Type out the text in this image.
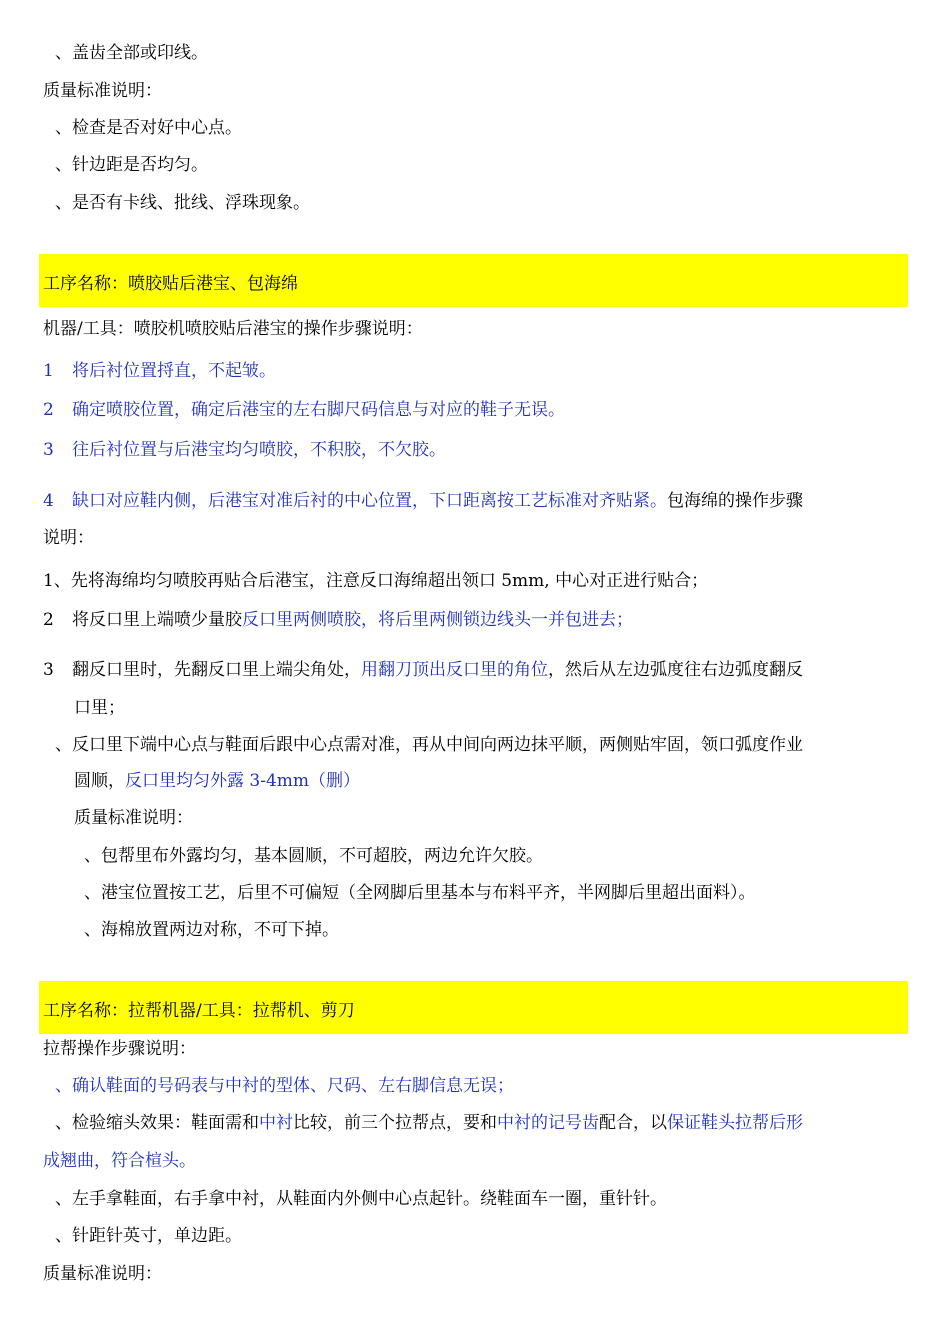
、盖齿全部或印线。
质量标准说明：
、检查是否对好中心点。
、针边距是否均匀。
、是否有卡线、批线、浮珠现象。
工序名称：喷胶贴后港宝、包海绵
机器/工具：喷胶机喷胶贴后港宝的操作步骤说明：
1 将后衬位置捋直，不起皱。
2 确定喷胶位置，确定后港宝的左右脚尺码信息与对应的鞋子无误。
3 往后衬位置与后港宝均匀喷胶，不积胶，不欠胶。
4 缺口对应鞋内侧，后港宝对准后衬的中心位置，下口距离按工艺标准对齐贴紧。包海绵的操作步骤
说明：
1、先将海绵均匀喷胶再贴合后港宝，注意反口海绵超出领口 5mm, 中心对正进行贴合；
2 将反口里上端喷少量胶反口里两侧喷胶，将后里两侧锁边线头一并包进去；
3 翻反口里时，先翻反口里上端尖角处，用翻刀顶出反口里的角位，然后从左边弧度往右边弧度翻反
口里；
、反口里下端中心点与鞋面后跟中心点需对准，再从中间向两边抹平顺，两侧贴牢固，领口弧度作业
圆顺，反口里均匀外露 3-4mm（删）
质量标准说明：
、包帮里布外露均匀，基本圆顺，不可超胶，两边允许欠胶。
、港宝位置按工艺，后里不可偏短（全网脚后里基本与布料平齐，半网脚后里超出面料）。
、海棉放置两边对称，不可下掉。
工序名称：拉帮机器/工具：拉帮机、剪刀
拉帮操作步骤说明：
、确认鞋面的号码表与中衬的型体、尺码、左右脚信息无误；
、检验缩头效果：鞋面需和中衬比较，前三个拉帮点，要和中衬的记号齿配合，以保证鞋头拉帮后形
成翘曲，符合楦头。
、左手拿鞋面，右手拿中衬，从鞋面内外侧中心点起针。绕鞋面车一圈，重针针。
、针距针英寸，单边距。
质量标准说明：
